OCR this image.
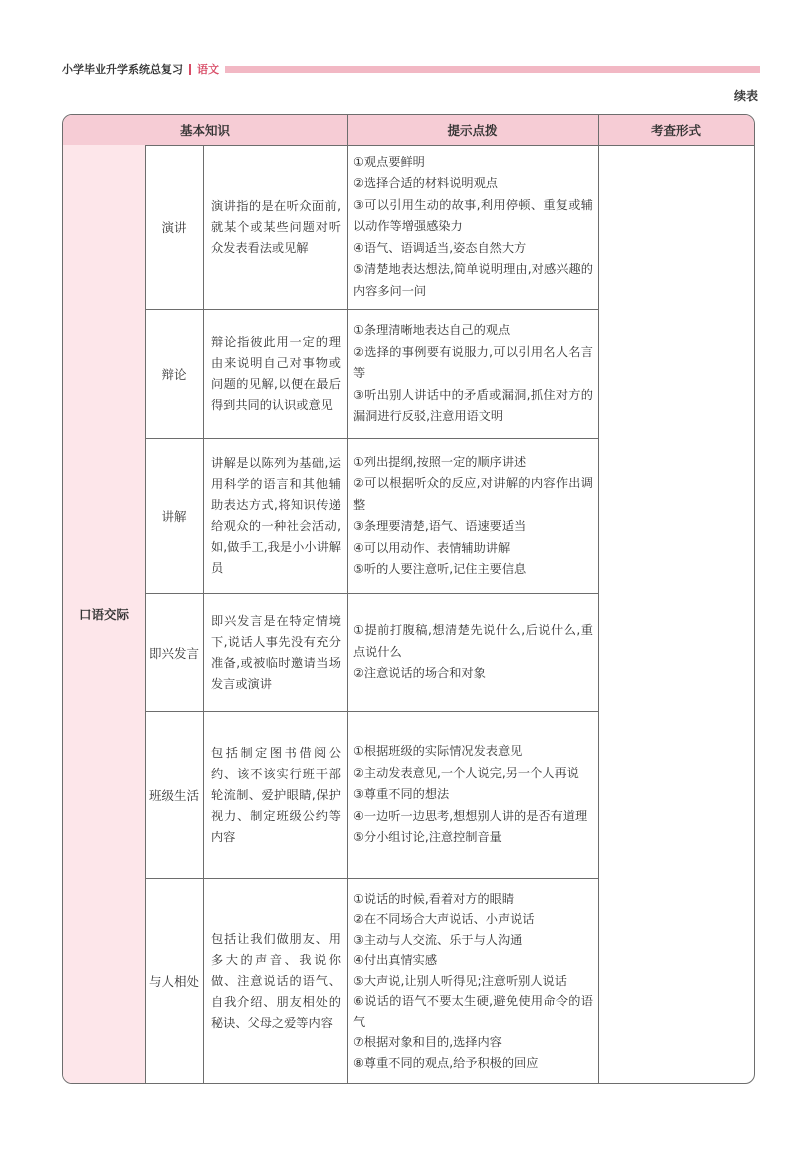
小学毕业升学系统总复习 语文
续表
基本知识	提示点拨	考查形式
口语交际
演讲
演讲指的是在听众面前,就某个或某些问题对听众发表看法或见解
①观点要鲜明
②选择合适的材料说明观点
③可以引用生动的故事,利用停顿、重复或辅以动作等增强感染力
④语气、语调适当,姿态自然大方
⑤清楚地表达想法,简单说明理由,对感兴趣的内容多问一问
辩论
辩论指彼此用一定的理由来说明自己对事物或问题的见解,以便在最后得到共同的认识或意见
①条理清晰地表达自己的观点
②选择的事例要有说服力,可以引用名人名言等
③听出别人讲话中的矛盾或漏洞,抓住对方的漏洞进行反驳,注意用语文明
讲解
讲解是以陈列为基础,运用科学的语言和其他辅助表达方式,将知识传递给观众的一种社会活动,如,做手工,我是小小讲解员
①列出提纲,按照一定的顺序讲述
②可以根据听众的反应,对讲解的内容作出调整
③条理要清楚,语气、语速要适当
④可以用动作、表情辅助讲解
⑤听的人要注意听,记住主要信息
即兴发言
即兴发言是在特定情境下,说话人事先没有充分准备,或被临时邀请当场发言或演讲
①提前打腹稿,想清楚先说什么,后说什么,重点说什么
②注意说话的场合和对象
班级生活
包括制定图书借阅公约、该不该实行班干部轮流制、爱护眼睛,保护视力、制定班级公约等内容
①根据班级的实际情况发表意见
②主动发表意见,一个人说完,另一个人再说
③尊重不同的想法
④一边听一边思考,想想别人讲的是否有道理
⑤分小组讨论,注意控制音量
与人相处
包括让我们做朋友、用多大的声音、我说你做、注意说话的语气、自我介绍、朋友相处的秘诀、父母之爱等内容
①说话的时候,看着对方的眼睛
②在不同场合大声说话、小声说话
③主动与人交流、乐于与人沟通
④付出真情实感
⑤大声说,让别人听得见;注意听别人说话
⑥说话的语气不要太生硬,避免使用命令的语气
⑦根据对象和目的,选择内容
⑧尊重不同的观点,给予积极的回应
